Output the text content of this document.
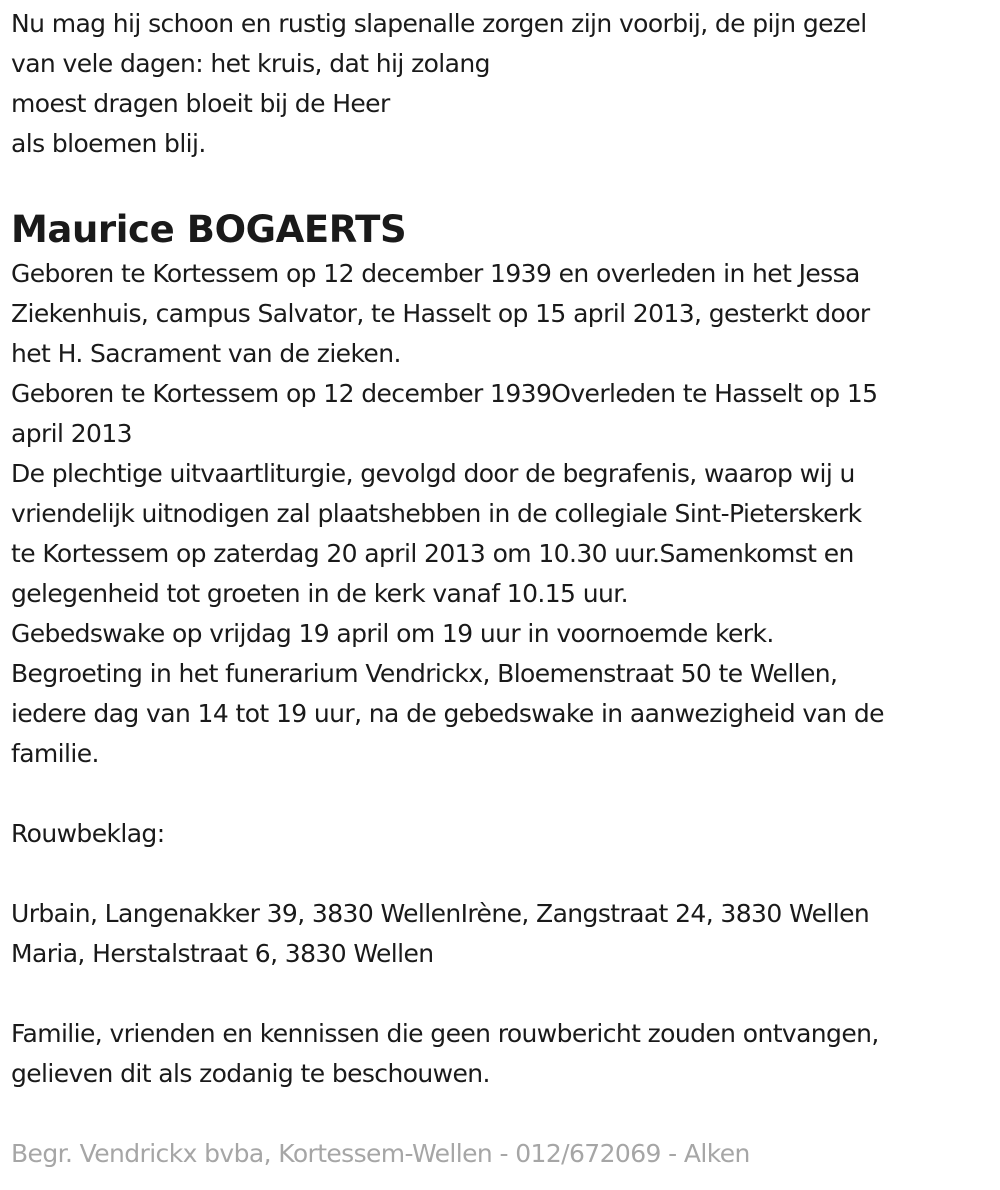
Nu mag hij schoon en rustig slapenalle zorgen zijn voorbij, de pijn gezel
van vele dagen: het kruis, dat hij zolang
moest dragen bloeit bij de Heer
als bloemen blij.
Maurice BOGAERTS
Geboren te Kortessem op 12 december 1939 en overleden in het Jessa
Ziekenhuis, campus Salvator, te Hasselt op 15 april 2013, gesterkt door
het H. Sacrament van de zieken.
Geboren te Kortessem op 12 december 1939Overleden te Hasselt op 15
april 2013
De plechtige uitvaartliturgie, gevolgd door de begrafenis, waarop wij u
vriendelijk uitnodigen zal plaatshebben in de collegiale Sint-Pieterskerk
te Kortessem op zaterdag 20 april 2013 om 10.30 uur.Samenkomst en
gelegenheid tot groeten in de kerk vanaf 10.15 uur.
Gebedswake op vrijdag 19 april om 19 uur in voornoemde kerk.
Begroeting in het funerarium Vendrickx, Bloemenstraat 50 te Wellen,
iedere dag van 14 tot 19 uur, na de gebedswake in aanwezigheid van de
familie.
Rouwbeklag:
Urbain, Langenakker 39, 3830 WellenIrène, Zangstraat 24, 3830 Wellen
Maria, Herstalstraat 6, 3830 Wellen
Familie, vrienden en kennissen die geen rouwbericht zouden ontvangen,
gelieven dit als zodanig te beschouwen.
Begr. Vendrickx bvba, Kortessem-Wellen - 012/672069 - Alken
